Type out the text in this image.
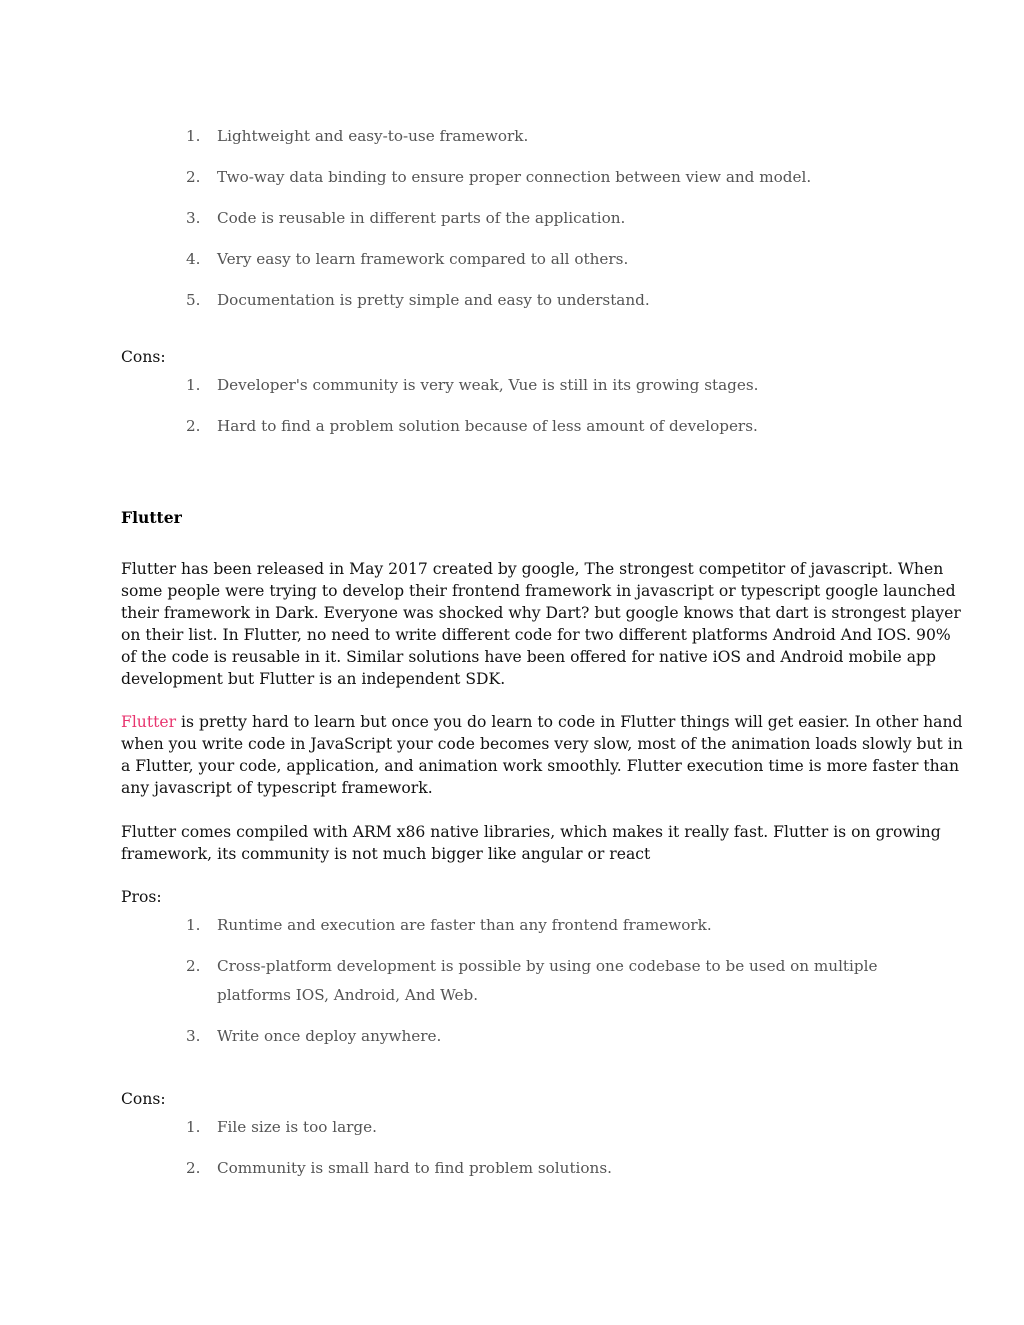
1.	Lightweight and easy-to-use framework.
2.	Two-way data binding to ensure proper connection between view and model.
3.	Code is reusable in different parts of the application.
4.	Very easy to learn framework compared to all others.
5.	Documentation is pretty simple and easy to understand.
Cons:
1.	Developer's community is very weak, Vue is still in its growing stages.
2.	Hard to find a problem solution because of less amount of developers.
Flutter

Flutter has been released in May 2017 created by google, The strongest competitor of javascript. When
some people were trying to develop their frontend framework in javascript or typescript google launched
their framework in Dark. Everyone was shocked why Dart? but google knows that dart is strongest player
on their list. In Flutter, no need to write different code for two different platforms Android And IOS. 90%
of the code is reusable in it. Similar solutions have been offered for native iOS and Android mobile app
development but Flutter is an independent SDK.

Flutter is pretty hard to learn but once you do learn to code in Flutter things will get easier. In other hand
when you write code in JavaScript your code becomes very slow, most of the animation loads slowly but in
a Flutter, your code, application, and animation work smoothly. Flutter execution time is more faster than
any javascript of typescript framework.

Flutter comes compiled with ARM x86 native libraries, which makes it really fast. Flutter is on growing
framework, its community is not much bigger like angular or react

Pros:
1.	Runtime and execution are faster than any frontend framework.
2.	Cross-platform development is possible by using one codebase to be used on multiple
platforms IOS, Android, And Web.
3.	Write once deploy anywhere.
Cons:
1.	File size is too large.
2.	Community is small hard to find problem solutions.
